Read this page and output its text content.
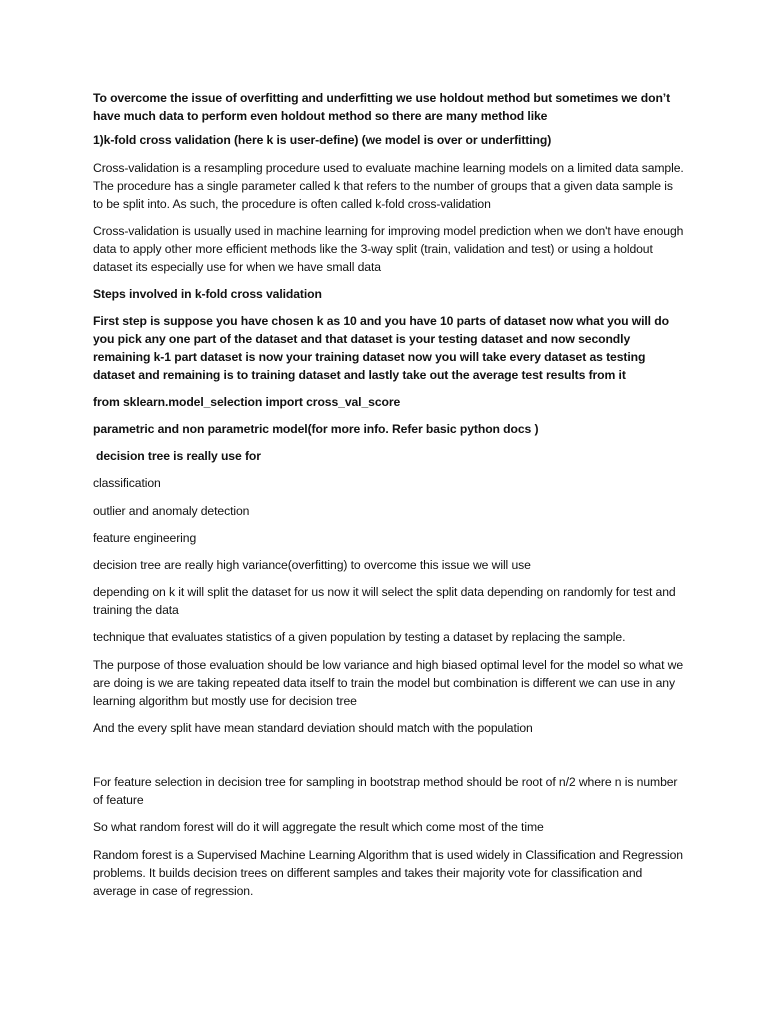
To overcome the issue of overfitting and underfitting we use holdout method but sometimes we don’t have much data to perform even holdout method so there are many method like

1)k-fold cross validation (here k is user-define) (we model is over or underfitting)

Cross-validation is a resampling procedure used to evaluate machine learning models on a limited data sample. The procedure has a single parameter called k that refers to the number of groups that a given data sample is to be split into. As such, the procedure is often called k-fold cross-validation

Cross-validation is usually used in machine learning for improving model prediction when we don't have enough data to apply other more efficient methods like the 3-way split (train, validation and test) or using a holdout dataset its especially use for when we have small data

Steps involved in k-fold cross validation

First step is suppose you have chosen k as 10 and you have 10 parts of dataset now what you will do you pick any one part of the dataset and that dataset is your testing dataset and now secondly remaining k-1 part dataset is now your training dataset now you will take every dataset as testing dataset and remaining is to training dataset and lastly take out the average test results from it

from sklearn.model_selection import cross_val_score

parametric and non parametric model(for more info. Refer basic python docs )

decision tree is really use for

classification

outlier and anomaly detection

feature engineering

decision tree are really high variance(overfitting) to overcome this issue we will use

depending on k it will split the dataset for us now it will select the split data depending on randomly for test and training the data

technique that evaluates statistics of a given population by testing a dataset by replacing the sample.

The purpose of those evaluation should be low variance and high biased optimal level for the model so what we are doing is we are taking repeated data itself to train the model but combination is different we can use in any learning algorithm but mostly use for decision tree

And the every split have mean standard deviation should match with the population

For feature selection in decision tree for sampling in bootstrap method should be root of n/2 where n is number of feature

So what random forest will do it will aggregate the result which come most of the time

Random forest is a Supervised Machine Learning Algorithm that is used widely in Classification and Regression problems. It builds decision trees on different samples and takes their majority vote for classification and average in case of regression.
